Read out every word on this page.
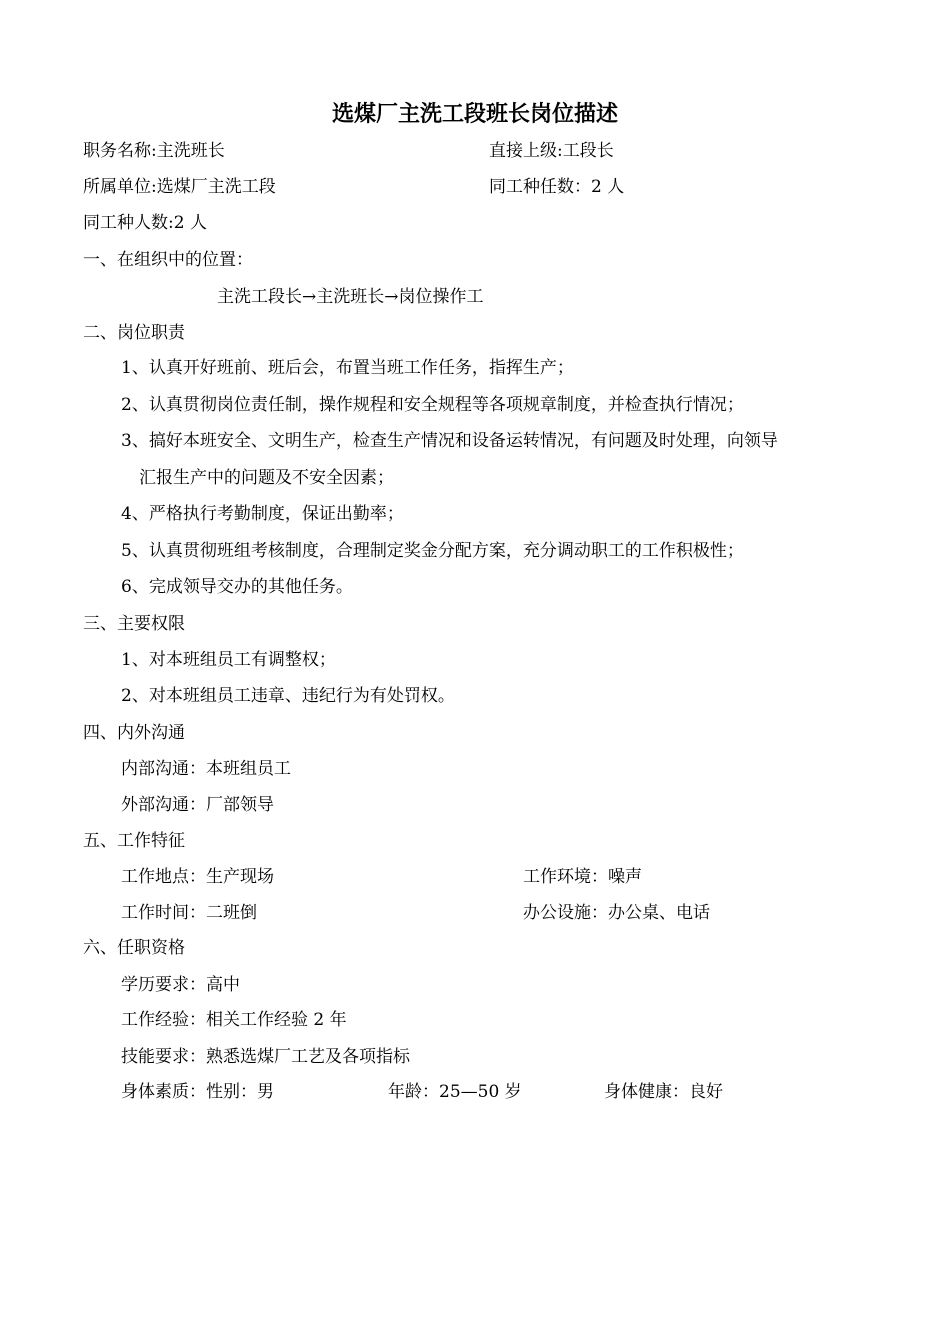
选煤厂主洗工段班长岗位描述
职务名称:主洗班长	直接上级:工段长
所属单位:选煤厂主洗工段	同工种任数：2 人
同工种人数:2 人
一、在组织中的位置：
主洗工段长→主洗班长→岗位操作工
二、岗位职责
1、认真开好班前、班后会，布置当班工作任务，指挥生产；
2、认真贯彻岗位责任制，操作规程和安全规程等各项规章制度，并检查执行情况；
3、搞好本班安全、文明生产，检查生产情况和设备运转情况，有问题及时处理，向领导
汇报生产中的问题及不安全因素；
4、严格执行考勤制度，保证出勤率；
5、认真贯彻班组考核制度，合理制定奖金分配方案，充分调动职工的工作积极性；
6、完成领导交办的其他任务。
三、主要权限
1、对本班组员工有调整权；
2、对本班组员工违章、违纪行为有处罚权。
四、内外沟通
内部沟通：本班组员工
外部沟通：厂部领导
五、工作特征
工作地点：生产现场	工作环境：噪声
工作时间：二班倒	办公设施：办公桌、电话
六、任职资格
学历要求：高中
工作经验：相关工作经验 2 年
技能要求：熟悉选煤厂工艺及各项指标
身体素质：性别：男	年龄：25—50 岁	身体健康：良好
